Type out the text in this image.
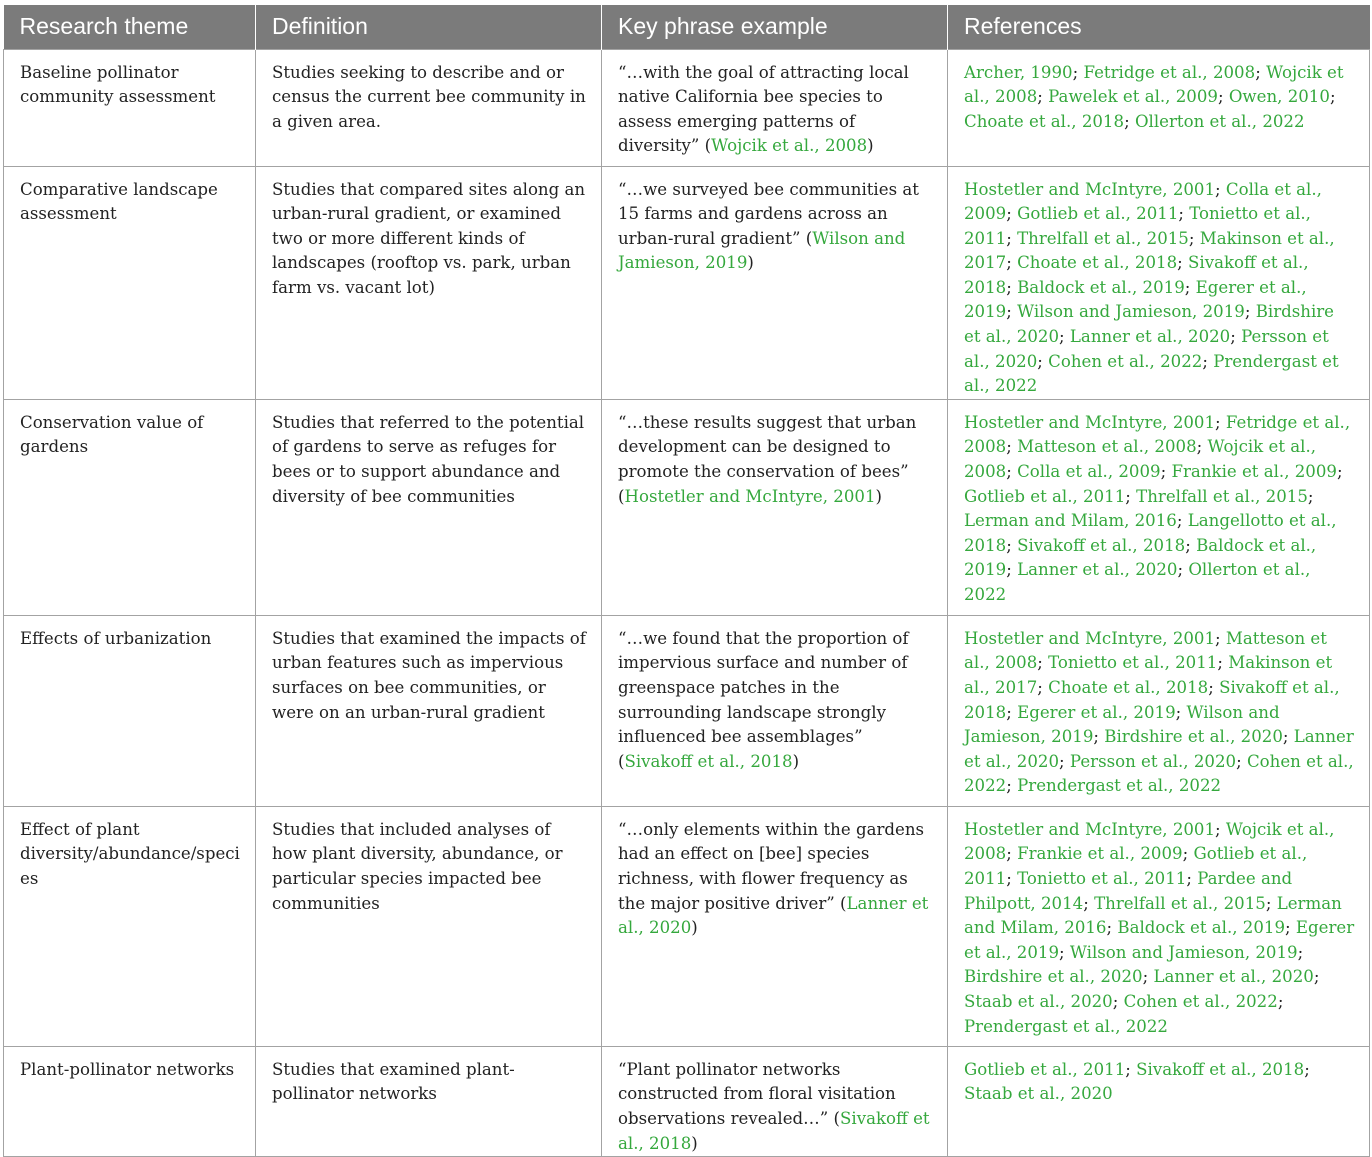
Research theme	Definition	Key phrase example	References
Baseline pollinator community assessment	Studies seeking to describe and or census the current bee community in a given area.	“…with the goal of attracting local native California bee species to assess emerging patterns of diversity” (Wojcik et al., 2008)	Archer, 1990; Fetridge et al., 2008; Wojcik et al., 2008; Pawelek et al., 2009; Owen, 2010; Choate et al., 2018; Ollerton et al., 2022
Comparative landscape assessment	Studies that compared sites along an urban-rural gradient, or examined two or more different kinds of landscapes (rooftop vs. park, urban farm vs. vacant lot)	“…we surveyed bee communities at 15 farms and gardens across an urban-rural gradient” (Wilson and Jamieson, 2019)	Hostetler and McIntyre, 2001; Colla et al., 2009; Gotlieb et al., 2011; Tonietto et al., 2011; Threlfall et al., 2015; Makinson et al., 2017; Choate et al., 2018; Sivakoff et al., 2018; Baldock et al., 2019; Egerer et al., 2019; Wilson and Jamieson, 2019; Birdshire et al., 2020; Lanner et al., 2020; Persson et al., 2020; Cohen et al., 2022; Prendergast et al., 2022
Conservation value of gardens	Studies that referred to the potential of gardens to serve as refuges for bees or to support abundance and diversity of bee communities	“…these results suggest that urban development can be designed to promote the conservation of bees” (Hostetler and McIntyre, 2001)	Hostetler and McIntyre, 2001; Fetridge et al., 2008; Matteson et al., 2008; Wojcik et al., 2008; Colla et al., 2009; Frankie et al., 2009; Gotlieb et al., 2011; Threlfall et al., 2015; Lerman and Milam, 2016; Langellotto et al., 2018; Sivakoff et al., 2018; Baldock et al., 2019; Lanner et al., 2020; Ollerton et al., 2022
Effects of urbanization	Studies that examined the impacts of urban features such as impervious surfaces on bee communities, or were on an urban-rural gradient	“…we found that the proportion of impervious surface and number of greenspace patches in the surrounding landscape strongly influenced bee assemblages” (Sivakoff et al., 2018)	Hostetler and McIntyre, 2001; Matteson et al., 2008; Tonietto et al., 2011; Makinson et al., 2017; Choate et al., 2018; Sivakoff et al., 2018; Egerer et al., 2019; Wilson and Jamieson, 2019; Birdshire et al., 2020; Lanner et al., 2020; Persson et al., 2020; Cohen et al., 2022; Prendergast et al., 2022
Effect of plant diversity/abundance/species	Studies that included analyses of how plant diversity, abundance, or particular species impacted bee communities	“…only elements within the gardens had an effect on [bee] species richness, with flower frequency as the major positive driver” (Lanner et al., 2020)	Hostetler and McIntyre, 2001; Wojcik et al., 2008; Frankie et al., 2009; Gotlieb et al., 2011; Tonietto et al., 2011; Pardee and Philpott, 2014; Threlfall et al., 2015; Lerman and Milam, 2016; Baldock et al., 2019; Egerer et al., 2019; Wilson and Jamieson, 2019; Birdshire et al., 2020; Lanner et al., 2020; Staab et al., 2020; Cohen et al., 2022; Prendergast et al., 2022
Plant-pollinator networks	Studies that examined plant-pollinator networks	“Plant pollinator networks constructed from floral visitation observations revealed…” (Sivakoff et al., 2018)	Gotlieb et al., 2011; Sivakoff et al., 2018; Staab et al., 2020
